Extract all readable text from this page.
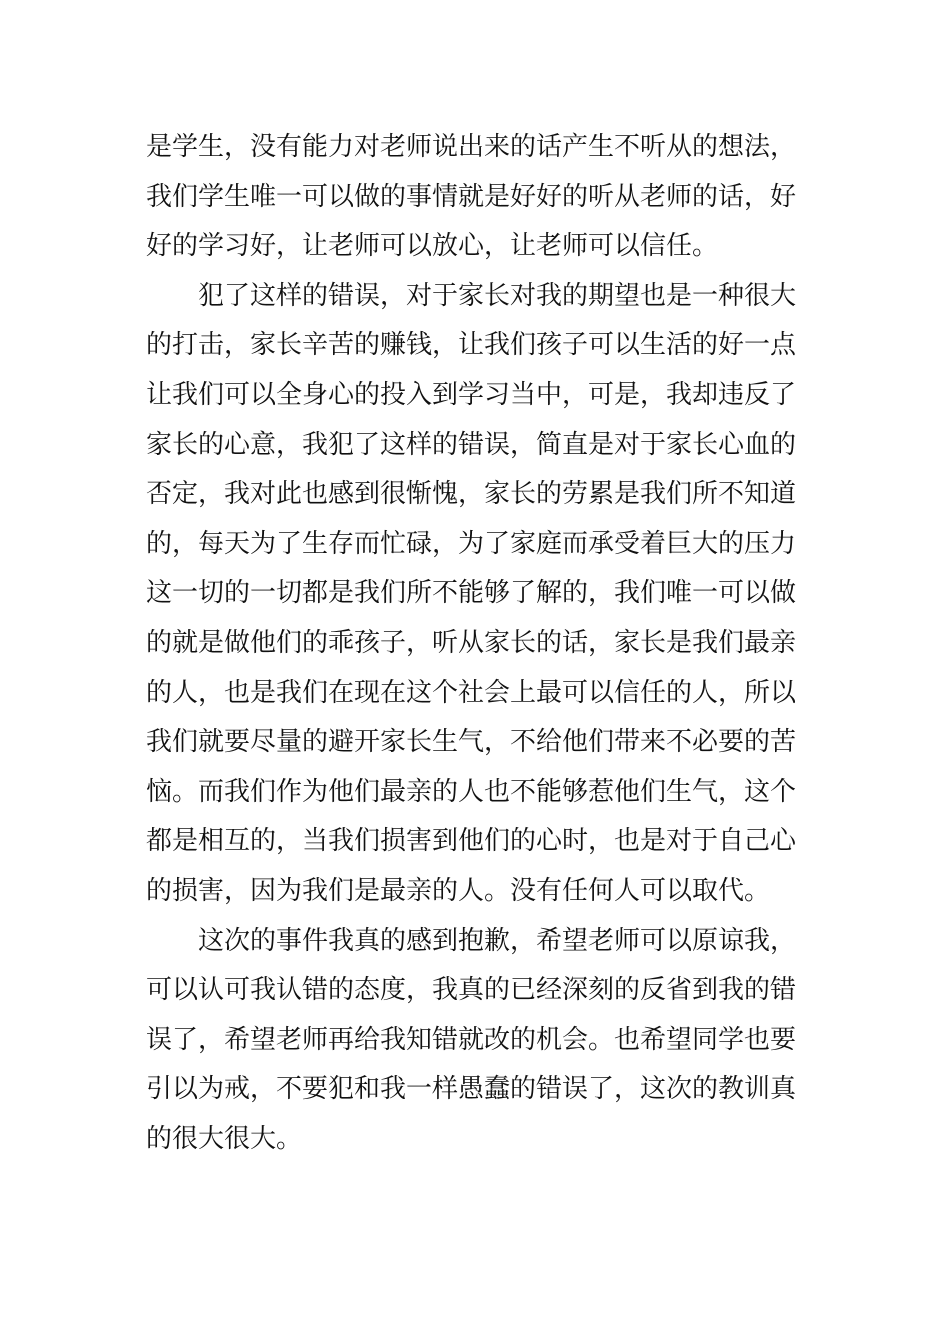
是学生，没有能力对老师说出来的话产生不听从的想法，
我们学生唯一可以做的事情就是好好的听从老师的话，好
好的学习好，让老师可以放心，让老师可以信任。
　　犯了这样的错误，对于家长对我的期望也是一种很大
的打击，家长辛苦的赚钱，让我们孩子可以生活的好一点
让我们可以全身心的投入到学习当中，可是，我却违反了
家长的心意，我犯了这样的错误，简直是对于家长心血的
否定，我对此也感到很惭愧，家长的劳累是我们所不知道
的，每天为了生存而忙碌，为了家庭而承受着巨大的压力
这一切的一切都是我们所不能够了解的，我们唯一可以做
的就是做他们的乖孩子，听从家长的话，家长是我们最亲
的人，也是我们在现在这个社会上最可以信任的人，所以
我们就要尽量的避开家长生气，不给他们带来不必要的苦
恼。而我们作为他们最亲的人也不能够惹他们生气，这个
都是相互的，当我们损害到他们的心时，也是对于自己心
的损害，因为我们是最亲的人。没有任何人可以取代。
　　这次的事件我真的感到抱歉，希望老师可以原谅我，
可以认可我认错的态度，我真的已经深刻的反省到我的错
误了，希望老师再给我知错就改的机会。也希望同学也要
引以为戒，不要犯和我一样愚蠢的错误了，这次的教训真
的很大很大。
